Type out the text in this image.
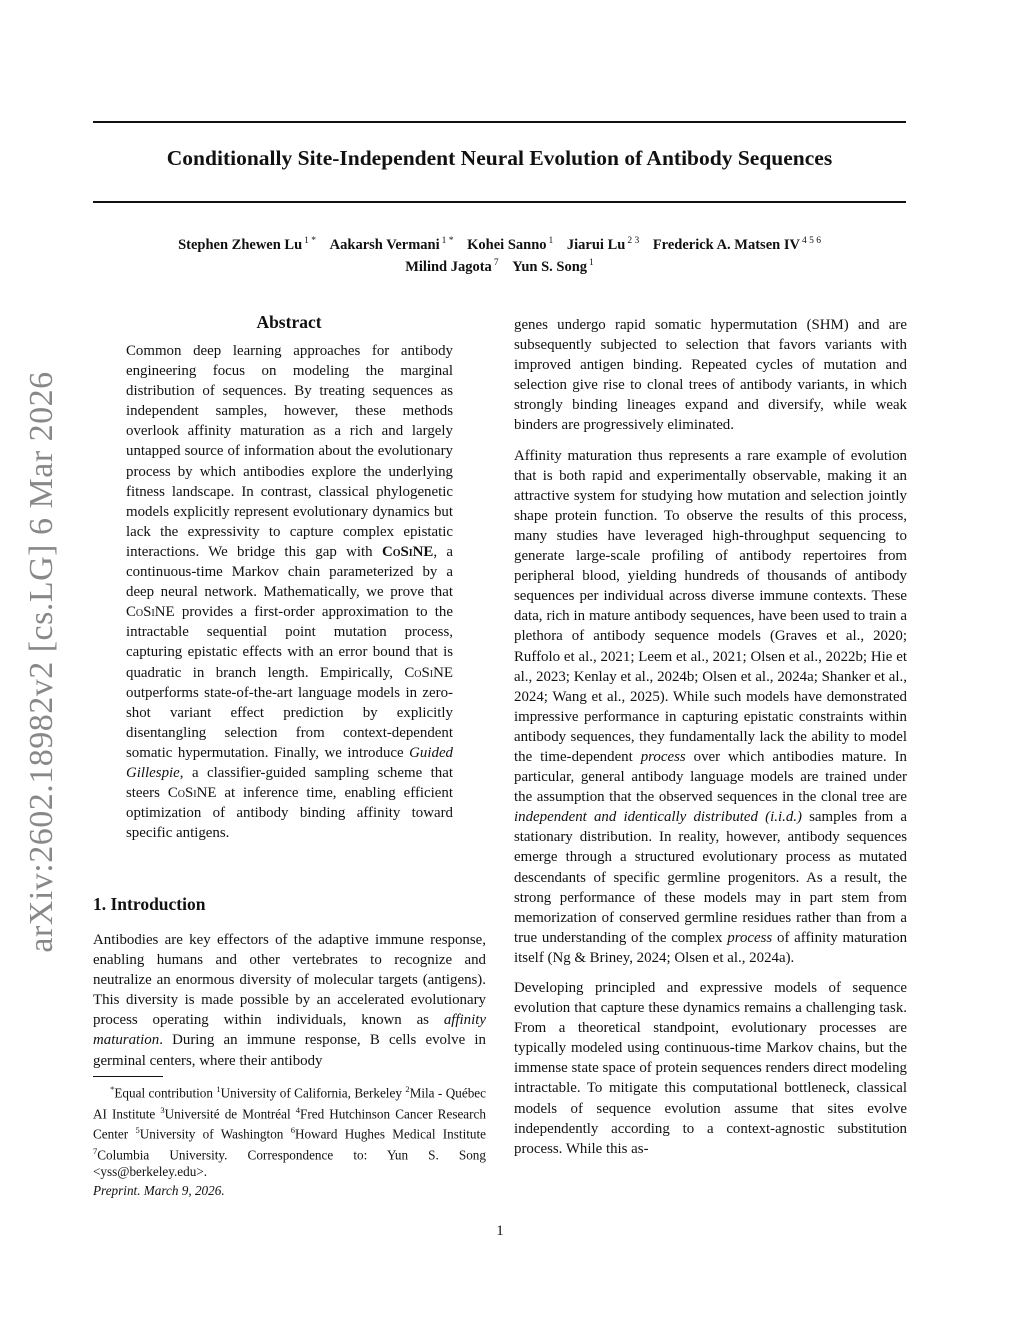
arXiv:2602.18982v2 [cs.LG] 6 Mar 2026
Conditionally Site-Independent Neural Evolution of Antibody Sequences
Stephen Zhewen Lu $^{1 *}$ Aakarsh Vermani $^{1 *}$ Kohei Sanno $^1$ Jiarui Lu $^{2 3}$ Frederick A. Matsen IV $^{4 5 6}$
Milind Jagota $^7$ Yun S. Song $^1$
Abstract
Common deep learning approaches for antibody engineering focus on modeling the marginal distribution of sequences. By treating sequences as independent samples, however, these methods overlook affinity maturation as a rich and largely untapped source of information about the evolutionary process by which antibodies explore the underlying fitness landscape. In contrast, classical phylogenetic models explicitly represent evolutionary dynamics but lack the expressivity to capture complex epistatic interactions. We bridge this gap with CoSiNE, a continuous-time Markov chain parameterized by a deep neural network. Mathematically, we prove that CoSiNE provides a first-order approximation to the intractable sequential point mutation process, capturing epistatic effects with an error bound that is quadratic in branch length. Empirically, CoSiNE outperforms state-of-the-art language models in zero-shot variant effect prediction by explicitly disentangling selection from context-dependent somatic hypermutation. Finally, we introduce Guided Gillespie, a classifier-guided sampling scheme that steers CoSiNE at inference time, enabling efficient optimization of antibody binding affinity toward specific antigens.
1. Introduction
Antibodies are key effectors of the adaptive immune response, enabling humans and other vertebrates to recognize and neutralize an enormous diversity of molecular targets (antigens). This diversity is made possible by an accelerated evolutionary process operating within individuals, known as affinity maturation. During an immune response, B cells evolve in germinal centers, where their antibody
*Equal contribution $^1$University of California, Berkeley $^2$Mila - Québec AI Institute $^3$Université de Montréal $^4$Fred Hutchinson Cancer Research Center $^5$University of Washington $^6$Howard Hughes Medical Institute $^7$Columbia University. Correspondence to: Yun S. Song <yss@berkeley.edu>.
Preprint. March 9, 2026.

genes undergo rapid somatic hypermutation (SHM) and are subsequently subjected to selection that favors variants with improved antigen binding. Repeated cycles of mutation and selection give rise to clonal trees of antibody variants, in which strongly binding lineages expand and diversify, while weak binders are progressively eliminated.

Affinity maturation thus represents a rare example of evolution that is both rapid and experimentally observable, making it an attractive system for studying how mutation and selection jointly shape protein function. To observe the results of this process, many studies have leveraged high-throughput sequencing to generate large-scale profiling of antibody repertoires from peripheral blood, yielding hundreds of thousands of antibody sequences per individual across diverse immune contexts. These data, rich in mature antibody sequences, have been used to train a plethora of antibody sequence models (Graves et al., 2020; Ruffolo et al., 2021; Leem et al., 2021; Olsen et al., 2022b; Hie et al., 2023; Kenlay et al., 2024b; Olsen et al., 2024a; Shanker et al., 2024; Wang et al., 2025). While such models have demonstrated impressive performance in capturing epistatic constraints within antibody sequences, they fundamentally lack the ability to model the time-dependent process over which antibodies mature. In particular, general antibody language models are trained under the assumption that the observed sequences in the clonal tree are independent and identically distributed (i.i.d.) samples from a stationary distribution. In reality, however, antibody sequences emerge through a structured evolutionary process as mutated descendants of specific germline progenitors. As a result, the strong performance of these models may in part stem from memorization of conserved germline residues rather than from a true understanding of the complex process of affinity maturation itself (Ng & Briney, 2024; Olsen et al., 2024a).

Developing principled and expressive models of sequence evolution that capture these dynamics remains a challenging task. From a theoretical standpoint, evolutionary processes are typically modeled using continuous-time Markov chains, but the immense state space of protein sequences renders direct modeling intractable. To mitigate this computational bottleneck, classical models of sequence evolution assume that sites evolve independently according to a context-agnostic substitution process. While this as-

1
